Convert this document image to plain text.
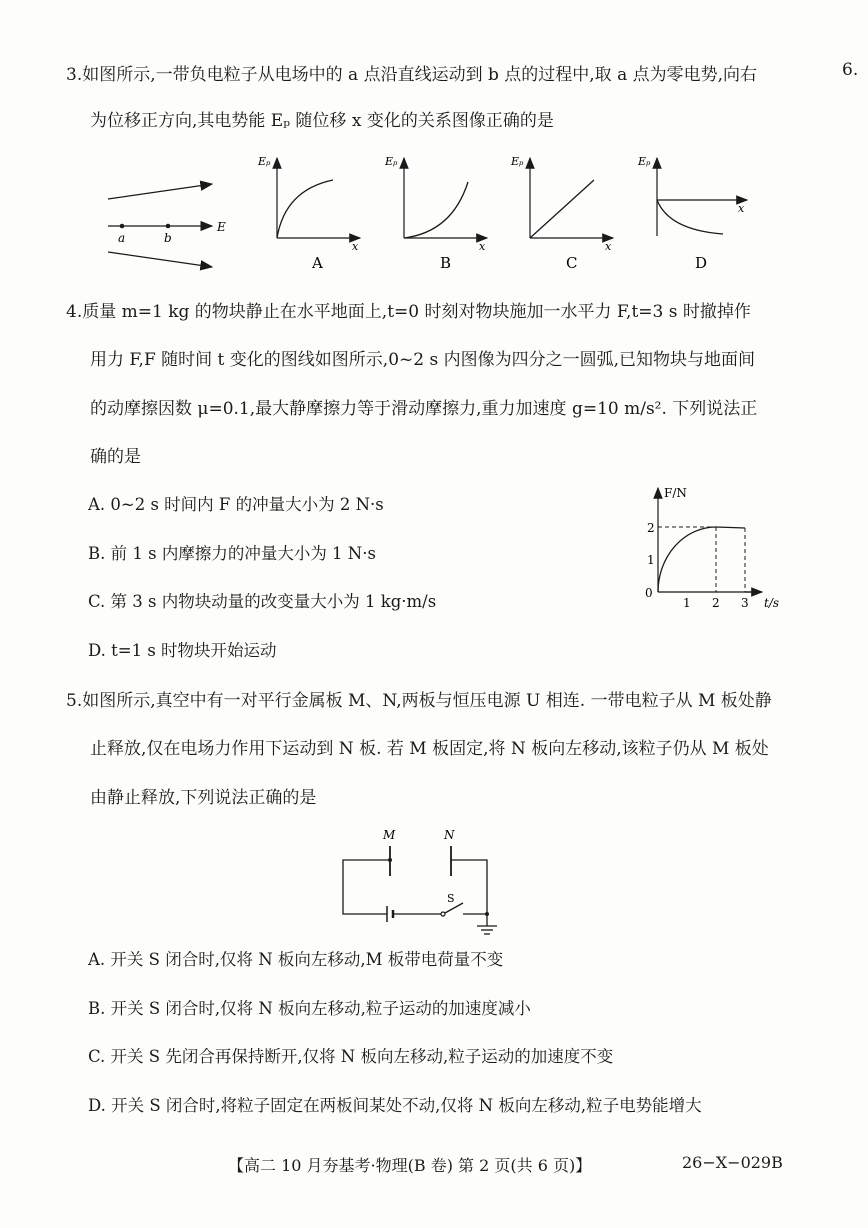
6.
3.如图所示,一带负电粒子从电场中的 a 点沿直线运动到 b 点的过程中,取 a 点为零电势,向右
为位移正方向,其电势能 Eₚ 随位移 x 变化的关系图像正确的是
a	b
E
Eₚ
x
A
Eₚ
x
B
Eₚ
x
C
Eₚ
x
D
4.质量 m=1 kg 的物块静止在水平地面上,t=0 时刻对物块施加一水平力 F,t=3 s 时撤掉作
用力 F,F 随时间 t 变化的图线如图所示,0~2 s 内图像为四分之一圆弧,已知物块与地面间
的动摩擦因数 μ=0.1,最大静摩擦力等于滑动摩擦力,重力加速度 g=10 m/s². 下列说法正
确的是
A. 0~2 s 时间内 F 的冲量大小为 2 N·s
B. 前 1 s 内摩擦力的冲量大小为 1 N·s
C. 第 3 s 内物块动量的改变量大小为 1 kg·m/s
D. t=1 s 时物块开始运动
F/N
t/s
0
1
2
1 2 3
5.如图所示,真空中有一对平行金属板 M、N,两板与恒压电源 U 相连. 一带电粒子从 M 板处静
止释放,仅在电场力作用下运动到 N 板. 若 M 板固定,将 N 板向左移动,该粒子仍从 M 板处
由静止释放,下列说法正确的是
M	N
S
A. 开关 S 闭合时,仅将 N 板向左移动,M 板带电荷量不变
B. 开关 S 闭合时,仅将 N 板向左移动,粒子运动的加速度减小
C. 开关 S 先闭合再保持断开,仅将 N 板向左移动,粒子运动的加速度不变
D. 开关 S 闭合时,将粒子固定在两板间某处不动,仅将 N 板向左移动,粒子电势能增大
【高二 10 月夯基考·物理(B 卷) 第 2 页(共 6 页)】	26−X−029B
